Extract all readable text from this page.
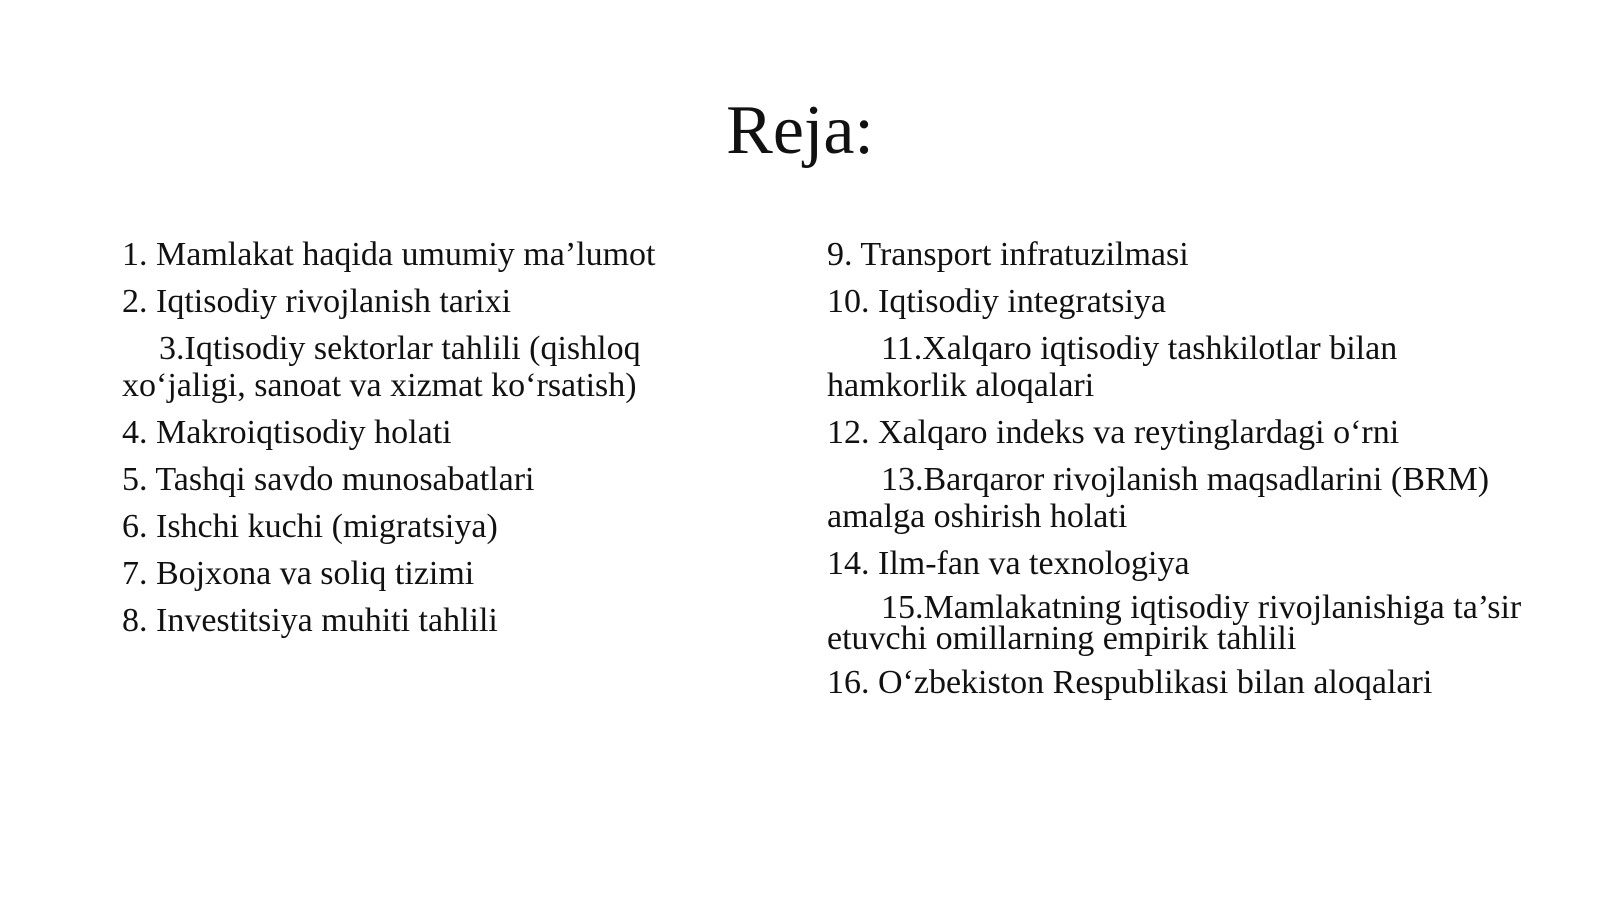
Reja:
1. Mamlakat haqida umumiy ma’lumot
2. Iqtisodiy rivojlanish tarixi
3.Iqtisodiy sektorlar tahlili (qishloq xo‘jaligi, sanoat va xizmat ko‘rsatish)
4. Makroiqtisodiy holati
5. Tashqi savdo munosabatlari
6. Ishchi kuchi (migratsiya)
7. Bojxona va soliq tizimi
8. Investitsiya muhiti tahlili
9. Transport infratuzilmasi
10. Iqtisodiy integratsiya
11.Xalqaro iqtisodiy tashkilotlar bilan hamkorlik aloqalari
12. Xalqaro indeks va reytinglardagi o‘rni
13.Barqaror rivojlanish maqsadlarini (BRM) amalga oshirish holati
14. Ilm-fan va texnologiya
15.Mamlakatning iqtisodiy rivojlanishiga ta’sir etuvchi omillarning empirik tahlili
16. O‘zbekiston Respublikasi bilan aloqalari
